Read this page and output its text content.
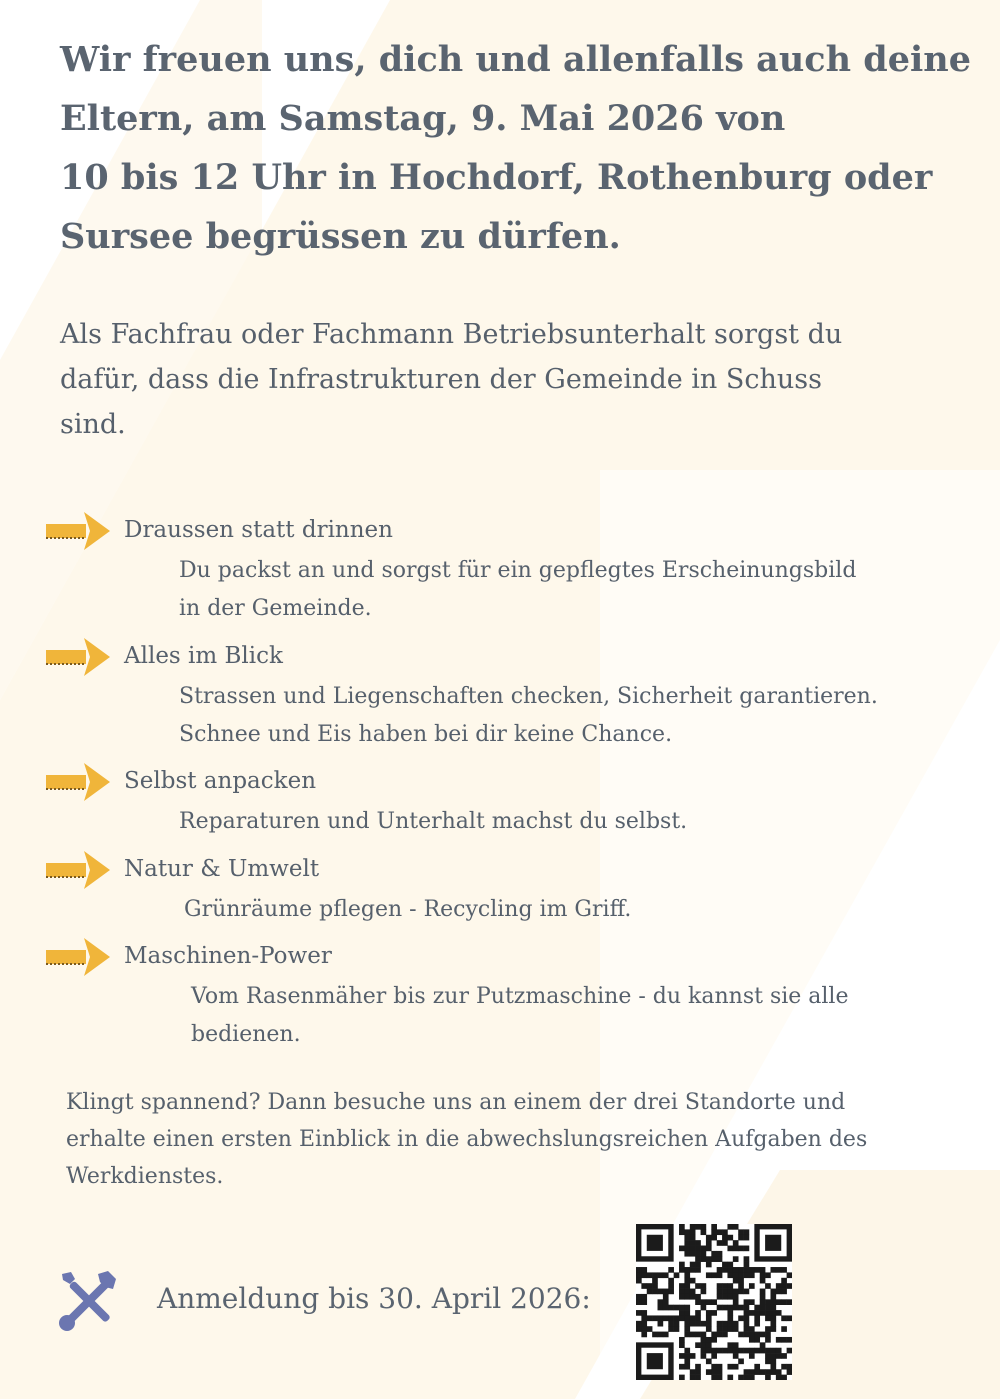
Wir freuen uns, dich und allenfalls auch deine
Eltern, am Samstag, 9. Mai 2026 von
10 bis 12 Uhr in Hochdorf, Rothenburg oder
Sursee begrüssen zu dürfen.

Als Fachfrau oder Fachmann Betriebsunterhalt sorgst du
dafür, dass die Infrastrukturen der Gemeinde in Schuss
sind.

Draussen statt drinnen
Du packst an und sorgst für ein gepflegtes Erscheinungsbild
in der Gemeinde.
Alles im Blick
Strassen und Liegenschaften checken, Sicherheit garantieren.
Schnee und Eis haben bei dir keine Chance.
Selbst anpacken
Reparaturen und Unterhalt machst du selbst.
Natur & Umwelt
Grünräume pflegen - Recycling im Griff.
Maschinen-Power
Vom Rasenmäher bis zur Putzmaschine - du kannst sie alle
bedienen.

Klingt spannend? Dann besuche uns an einem der drei Standorte und
erhalte einen ersten Einblick in die abwechslungsreichen Aufgaben des
Werkdienstes.

Anmeldung bis 30. April 2026:
